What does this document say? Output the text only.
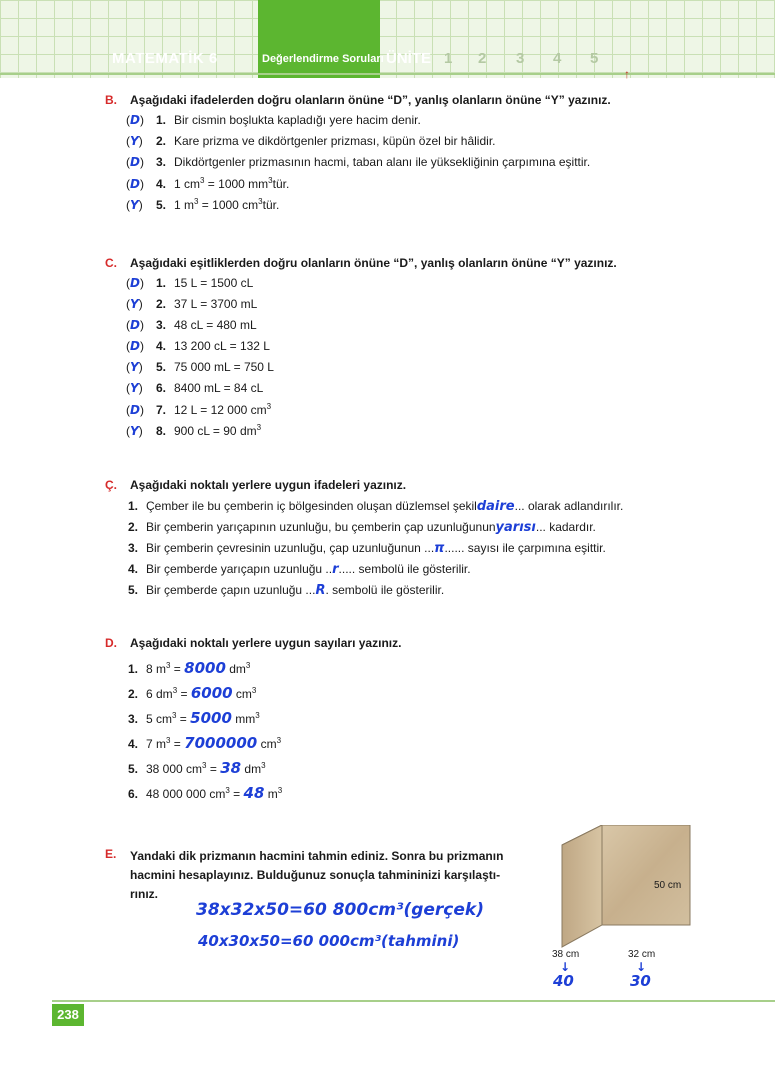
MATEMATİK 6	Değerlendirme Soruları ÜNİTE 1 2 3 4 5
↑
B. Aşağıdaki ifadelerden doğru olanların önüne “D”, yanlış olanların önüne “Y” yazınız.
(D) 1. Bir cismin boşlukta kapladığı yere hacim denir.
(Y) 2. Kare prizma ve dikdörtgenler prizması, küpün özel bir hâlidir.
(D) 3. Dikdörtgenler prizmasının hacmi, taban alanı ile yüksekliğinin çarpımına eşittir.
(D) 4. 1 $cm^3 = 1000$ $mm^3tür$.
(Y) 5. 1 $m^3 = 1000$ $cm^3tür$.
C. Aşağıdaki eşitliklerden doğru olanların önüne “D”, yanlış olanların önüne “Y” yazınız.
(D) 1. 15 L = 1500 cL
(Y) 2. 37 L = 3700 mL
(D) 3. 48 cL = 480 mL
(D) 4. 13 200 cL = 132 L
(Y) 5. 75 000 mL = 750 L
(Y) 6. 8400 mL = 84 cL
(D) 7. 12 L = 12 000 $cm^3$
(Y) 8. 900 cL = 90 $dm^3$
Ç. Aşağıdaki noktalı yerlere uygun ifadeleri yazınız.
1. Çember ile bu çemberin iç bölgesinden oluşan düzlemsel şekildaire... olarak adlandırılır.
2. Bir çemberin yarıçapının uzunluğu, bu çemberin çap uzunluğununyarısı... kadardır.
3. Bir çemberin çevresinin uzunluğu, çap uzunluğunun ...π...... sayısı ile çarpımına eşittir.
4. Bir çemberde yarıçapın uzunluğu ..r..... sembolü ile gösterilir.
5. Bir çemberde çapın uzunluğu ...R. sembolü ile gösterilir.
D. Aşağıdaki noktalı yerlere uygun sayıları yazınız.
1. 8 $m^3 = 8000$ $dm^3$
2. 6 $dm^3 = 6000$ $cm^3$
3. 5 $cm^3 = 5000$ $mm^3$
4. 7 $m^3 = 7000000$ $cm^3$
5. 38 000 $cm^3 = 38$ $dm^3$
6. 48 000 000 $cm^3 = 48$ $m^3$
E. Yandaki dik prizmanın hacmini tahmin ediniz. Sonra bu prizmanın
hacmini hesaplayınız. Bulduğunuz sonuçla tahmininizi karşılaştı-
rınız.
38x32x50=60 800cm³(gerçek)
40x30x50=60 000cm³(tahmini)
50 cm
38 cm	32 cm
↓	↓
40	30
238
